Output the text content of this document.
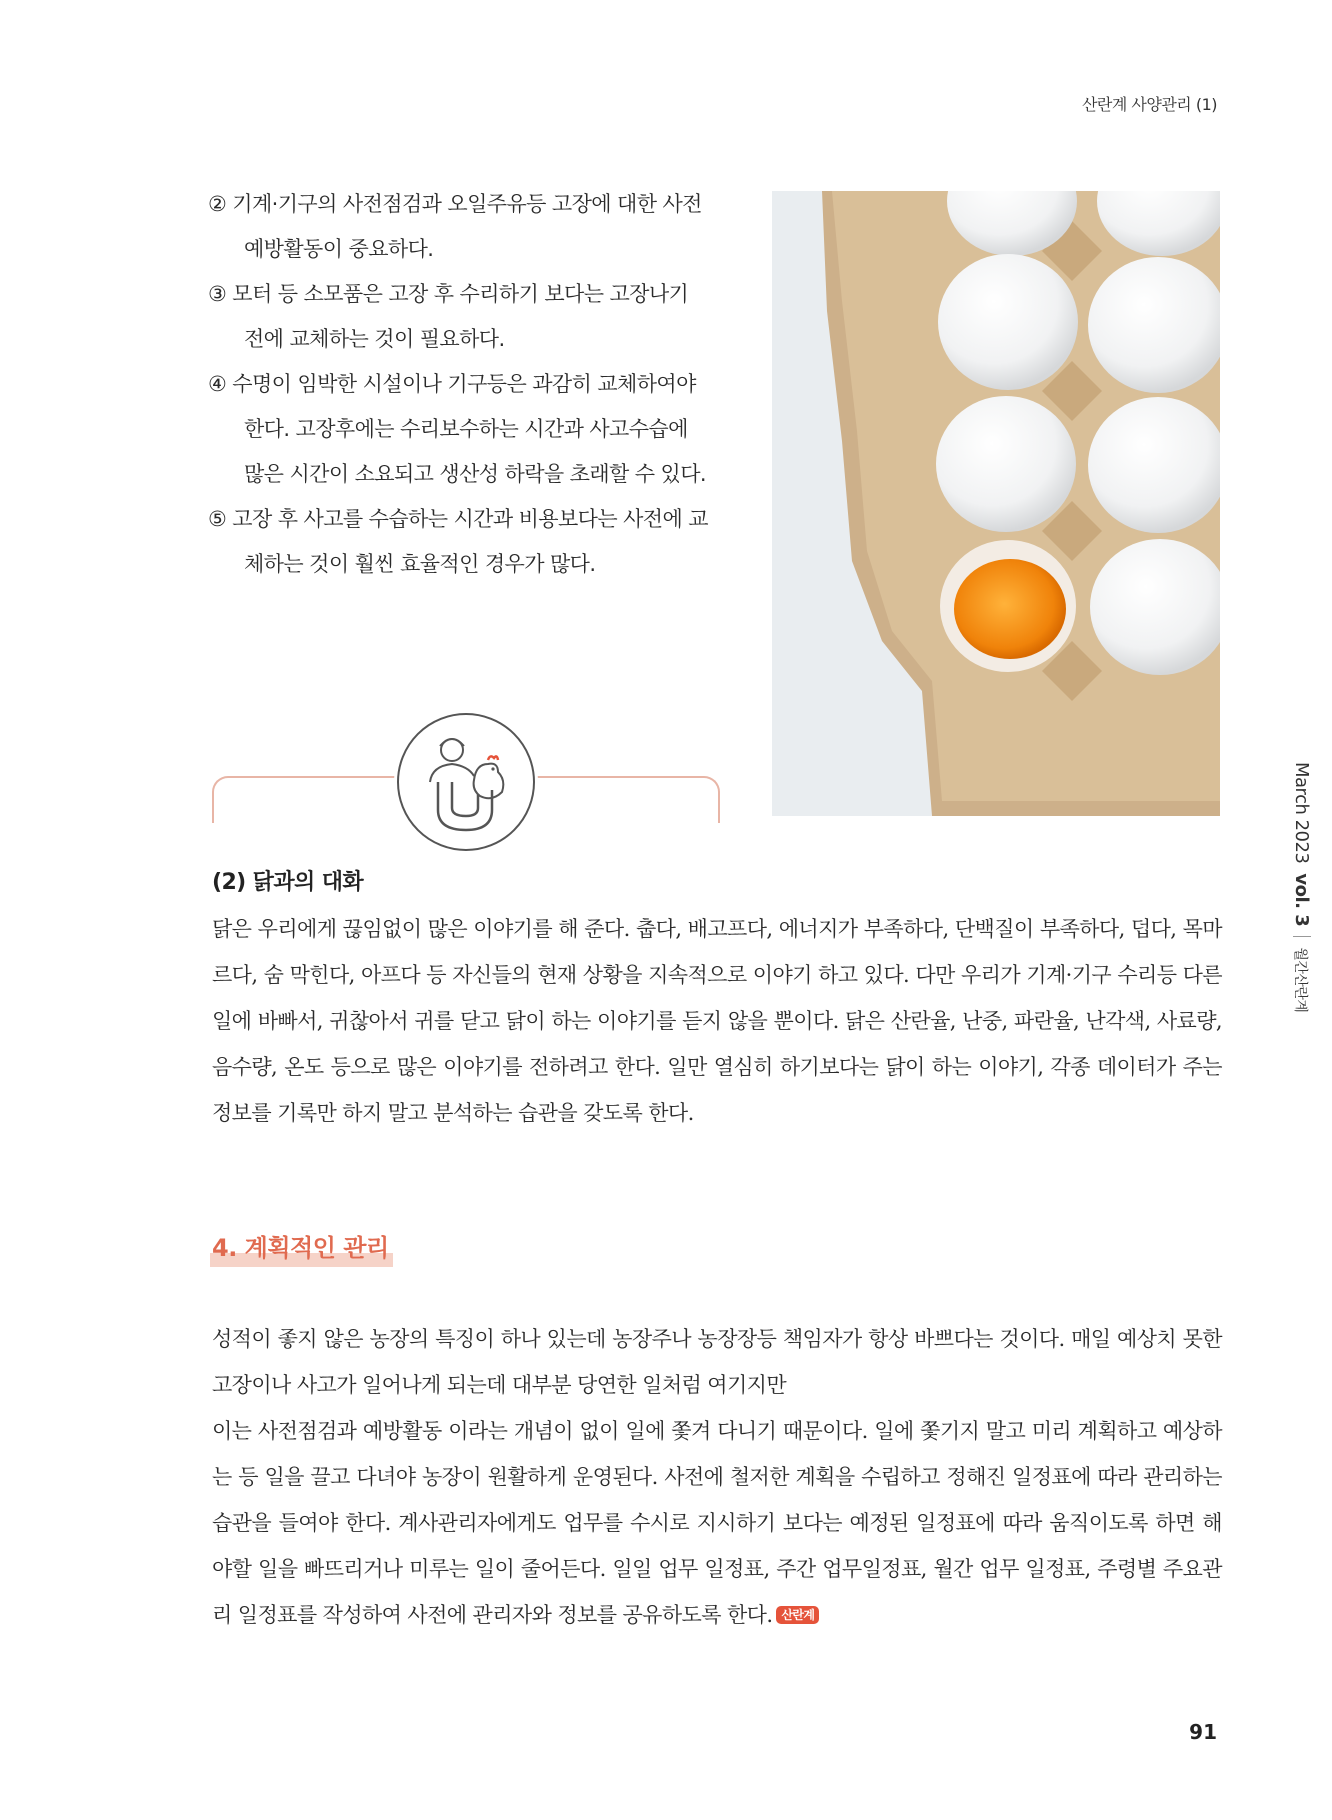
산란계 사양관리 (1)
② 기계·기구의 사전점검과 오일주유등 고장에 대한 사전 예방활동이 중요하다.
③ 모터 등 소모품은 고장 후 수리하기 보다는 고장나기 전에 교체하는 것이 필요하다.
④ 수명이 임박한 시설이나 기구등은 과감히 교체하여야 한다. 고장후에는 수리보수하는 시간과 사고수습에 많은 시간이 소요되고 생산성 하락을 초래할 수 있다.
⑤ 고장 후 사고를 수습하는 시간과 비용보다는 사전에 교체하는 것이 훨씬 효율적인 경우가 많다.
(2) 닭과의 대화

닭은 우리에게 끊임없이 많은 이야기를 해 준다. 춥다, 배고프다, 에너지가 부족하다, 단백질이 부족하다, 덥다, 목마르다, 숨 막힌다, 아프다 등 자신들의 현재 상황을 지속적으로 이야기 하고 있다. 다만 우리가 기계·기구 수리등 다른 일에 바빠서, 귀찮아서 귀를 닫고 닭이 하는 이야기를 듣지 않을 뿐이다. 닭은 산란율, 난중, 파란율, 난각색, 사료량, 음수량, 온도 등으로 많은 이야기를 전하려고 한다. 일만 열심히 하기보다는 닭이 하는 이야기, 각종 데이터가 주는 정보를 기록만 하지 말고 분석하는 습관을 갖도록 한다.

4. 계획적인 관리
성적이 좋지 않은 농장의 특징이 하나 있는데 농장주나 농장장등 책임자가 항상 바쁘다는 것이다. 매일 예상치 못한 고장이나 사고가 일어나게 되는데 대부분 당연한 일처럼 여기지만
이는 사전점검과 예방활동 이라는 개념이 없이 일에 쫓겨 다니기 때문이다. 일에 쫓기지 말고 미리 계획하고 예상하는 등 일을 끌고 다녀야 농장이 원활하게 운영된다. 사전에 철저한 계획을 수립하고 정해진 일정표에 따라 관리하는 습관을 들여야 한다. 계사관리자에게도 업무를 수시로 지시하기 보다는 예정된 일정표에 따라 움직이도록 하면 해야할 일을 빠뜨리거나 미루는 일이 줄어든다. 일일 업무 일정표, 주간 업무일정표, 월간 업무 일정표, 주령별 주요관리 일정표를 작성하여 사전에 관리자와 정보를 공유하도록 한다. 산란계
March 2023vol. 3월간산란계
91
